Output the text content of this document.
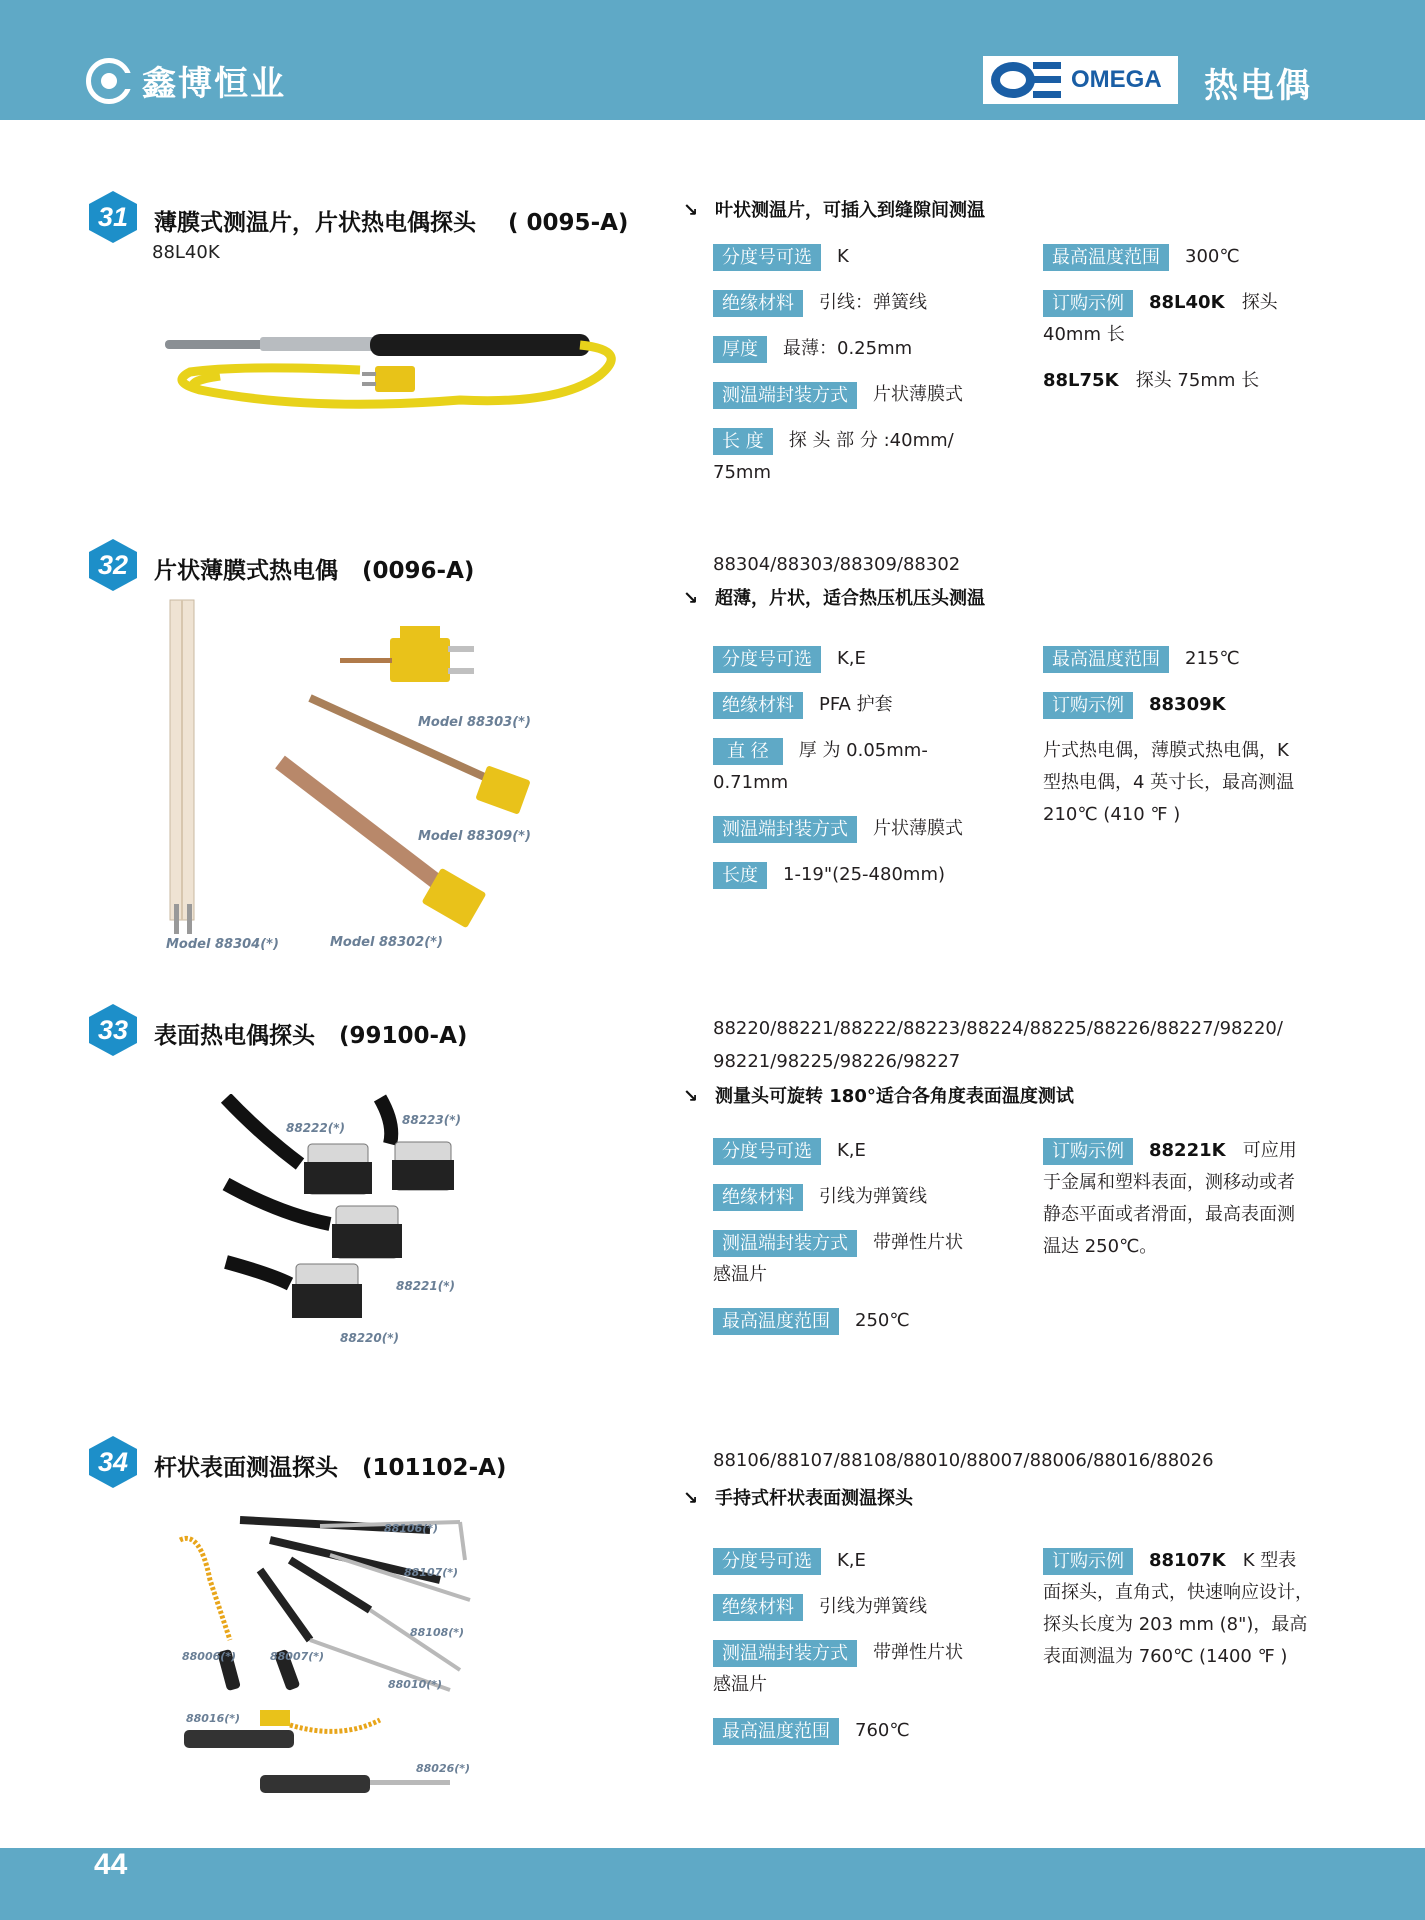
鑫博恒业	OMEGA 热电偶
31	薄膜式测温片，片状热电偶探头 ( 0095-A)
88L40K
↘ 叶状测温片，可插入到缝隙间测温
分度号可选 K
绝缘材料 引线：弹簧线
厚度 最薄：0.25mm
测温端封装方式 片状薄膜式
长 度 探 头 部 分 :40mm/
75mm
最高温度范围 300℃
订购示例 88L40K 探头
40mm 长
88L75K 探头 75mm 长
32	片状薄膜式热电偶 (0096-A)
Model 88303(*)
Model 88309(*)
Model 88304(*)	Model 88302(*)
88304/88303/88309/88302
↘ 超薄，片状，适合热压机压头测温
分度号可选 K,E
绝缘材料 PFA 护套
直 径 厚 为 0.05mm-
0.71mm
测温端封装方式 片状薄膜式
长度 1-19"(25-480mm)
最高温度范围 215℃
订购示例 88309K
片式热电偶，薄膜式热电偶，K
型热电偶，4 英寸长，最高测温
210℃ (410 ℉ )
33	表面热电偶探头 (99100-A)
88222(*)
88223(*)
88221(*)
88220(*)
88220/88221/88222/88223/88224/88225/88226/88227/98220/
98221/98225/98226/98227
↘ 测量头可旋转 180°适合各角度表面温度测试
分度号可选 K,E
绝缘材料 引线为弹簧线
测温端封装方式 带弹性片状
感温片
最高温度范围 250℃
订购示例 88221K 可应用
于金属和塑料表面，测移动或者
静态平面或者滑面，最高表面测
温达 250℃。
34	杆状表面测温探头 (101102-A)
88106(*)
88107(*)
88108(*)
88010(*)
88006(*)	88007(*)
88016(*)
88026(*)
88106/88107/88108/88010/88007/88006/88016/88026
↘ 手持式杆状表面测温探头
分度号可选 K,E
绝缘材料 引线为弹簧线
测温端封装方式 带弹性片状
感温片
最高温度范围 760℃
订购示例 88107K K 型表
面探头，直角式，快速响应设计，
探头长度为 203 mm (8")，最高
表面测温为 760℃ (1400 ℉ )
44
